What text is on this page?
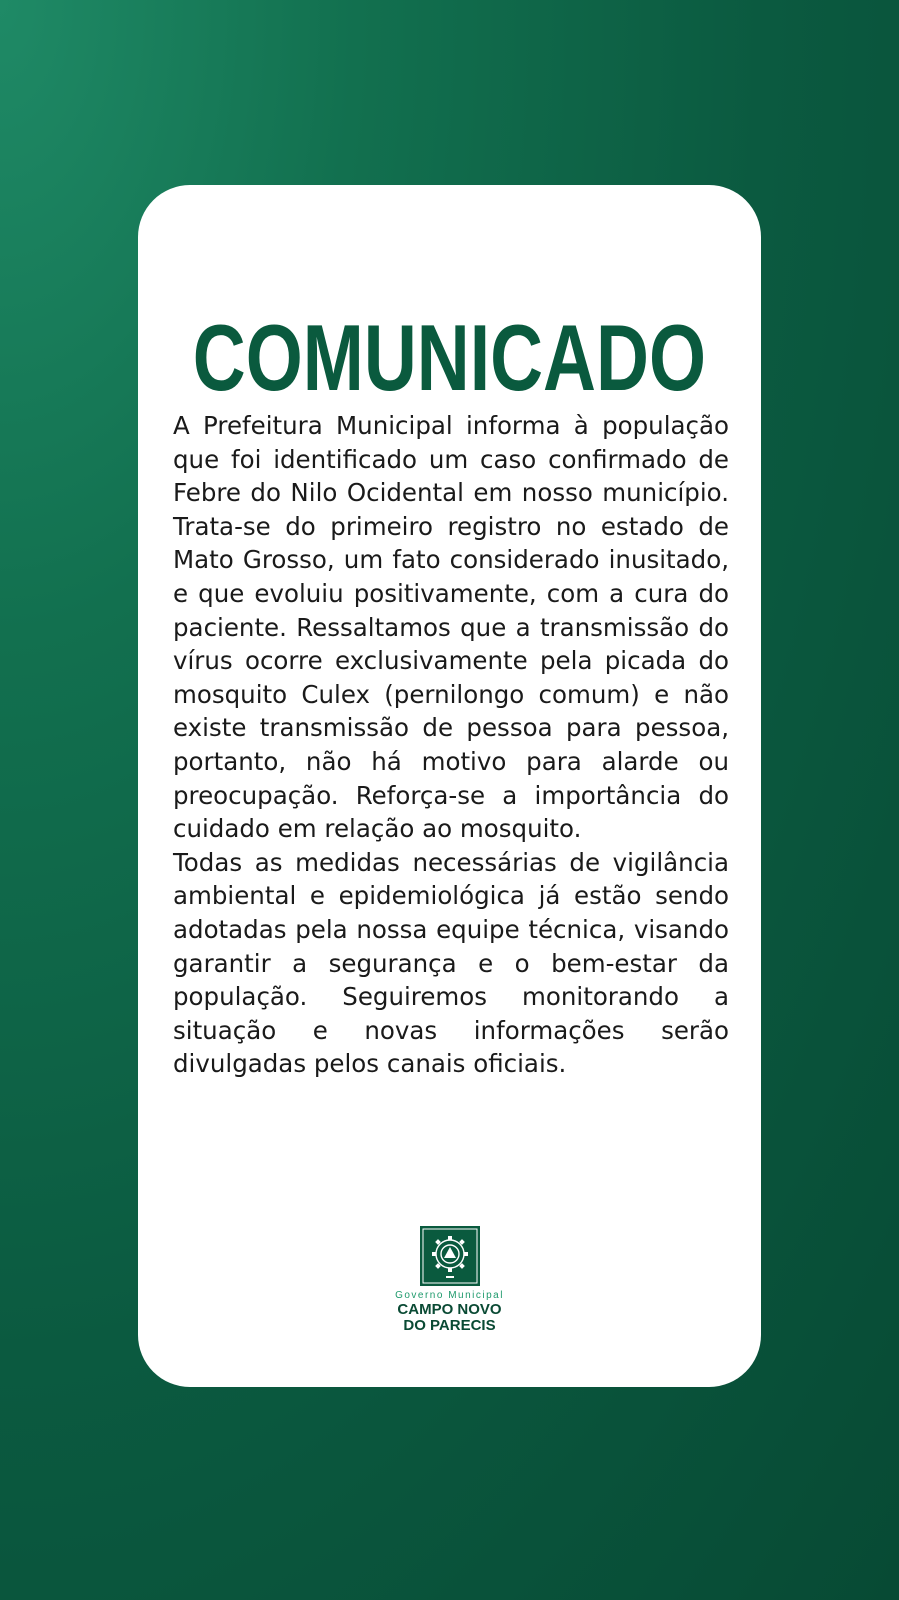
COMUNICADO

A Prefeitura Municipal informa à população que foi identificado um caso confirmado de Febre do Nilo Ocidental em nosso município. Trata-se do primeiro registro no estado de Mato Grosso, um fato considerado inusitado, e que evoluiu positivamente, com a cura do paciente. Ressaltamos que a transmissão do vírus ocorre exclusivamente pela picada do mosquito Culex (pernilongo comum) e não existe transmissão de pessoa para pessoa, portanto, não há motivo para alarde ou preocupação. Reforça-se a importância do cuidado em relação ao mosquito.

Todas as medidas necessárias de vigilância ambiental e epidemiológica já estão sendo adotadas pela nossa equipe técnica, visando garantir a segurança e o bem-estar da população. Seguiremos monitorando a situação e novas informações serão divulgadas pelos canais oficiais.

Governo Municipal
CAMPO NOVO
DO PARECIS
